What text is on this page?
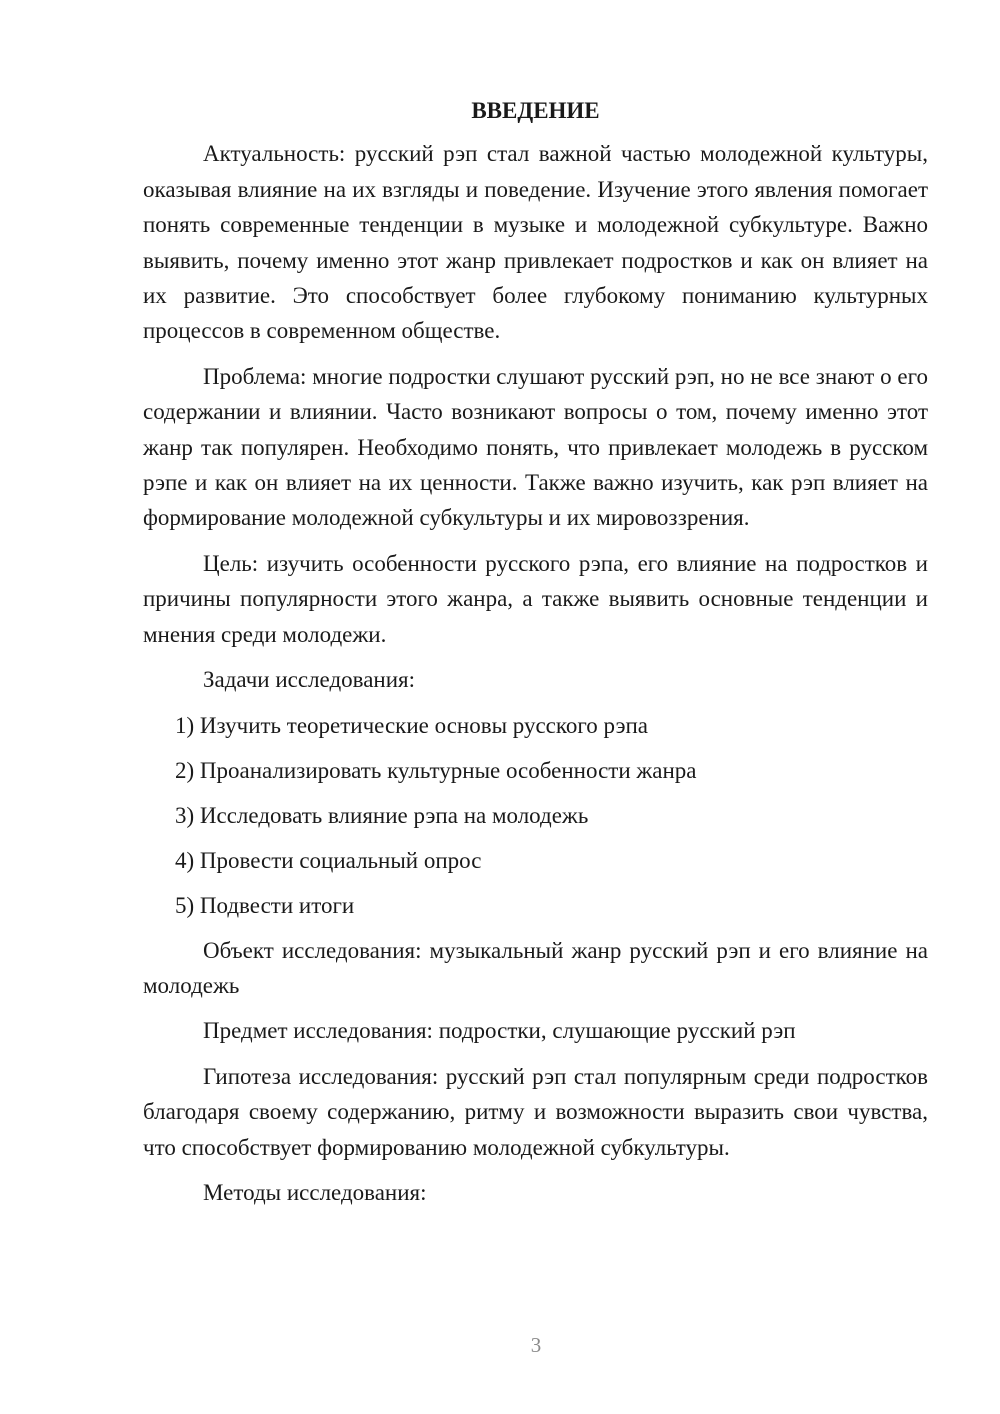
ВВЕДЕНИЕ

Актуальность: русский рэп стал важной частью молодежной культуры, оказывая влияние на их взгляды и поведение. Изучение этого явления помогает понять современные тенденции в музыке и молодежной субкультуре. Важно выявить, почему именно этот жанр привлекает подростков и как он влияет на их развитие. Это способствует более глубокому пониманию культурных процессов в современном обществе.

Проблема: многие подростки слушают русский рэп, но не все знают о его содержании и влиянии. Часто возникают вопросы о том, почему именно этот жанр так популярен. Необходимо понять, что привлекает молодежь в русском рэпе и как он влияет на их ценности. Также важно изучить, как рэп влияет на формирование молодежной субкультуры и их мировоззрения.

Цель: изучить особенности русского рэпа, его влияние на подростков и причины популярности этого жанра, а также выявить основные тенденции и мнения среди молодежи.

Задачи исследования:

1) Изучить теоретические основы русского рэпа
2) Проанализировать культурные особенности жанра
3) Исследовать влияние рэпа на молодежь
4) Провести социальный опрос
5) Подвести итоги

Объект исследования: музыкальный жанр русский рэп и его влияние на молодежь

Предмет исследования: подростки, слушающие русский рэп

Гипотеза исследования: русский рэп стал популярным среди подростков благодаря своему содержанию, ритму и возможности выразить свои чувства, что способствует формированию молодежной субкультуры.

Методы исследования:

3
